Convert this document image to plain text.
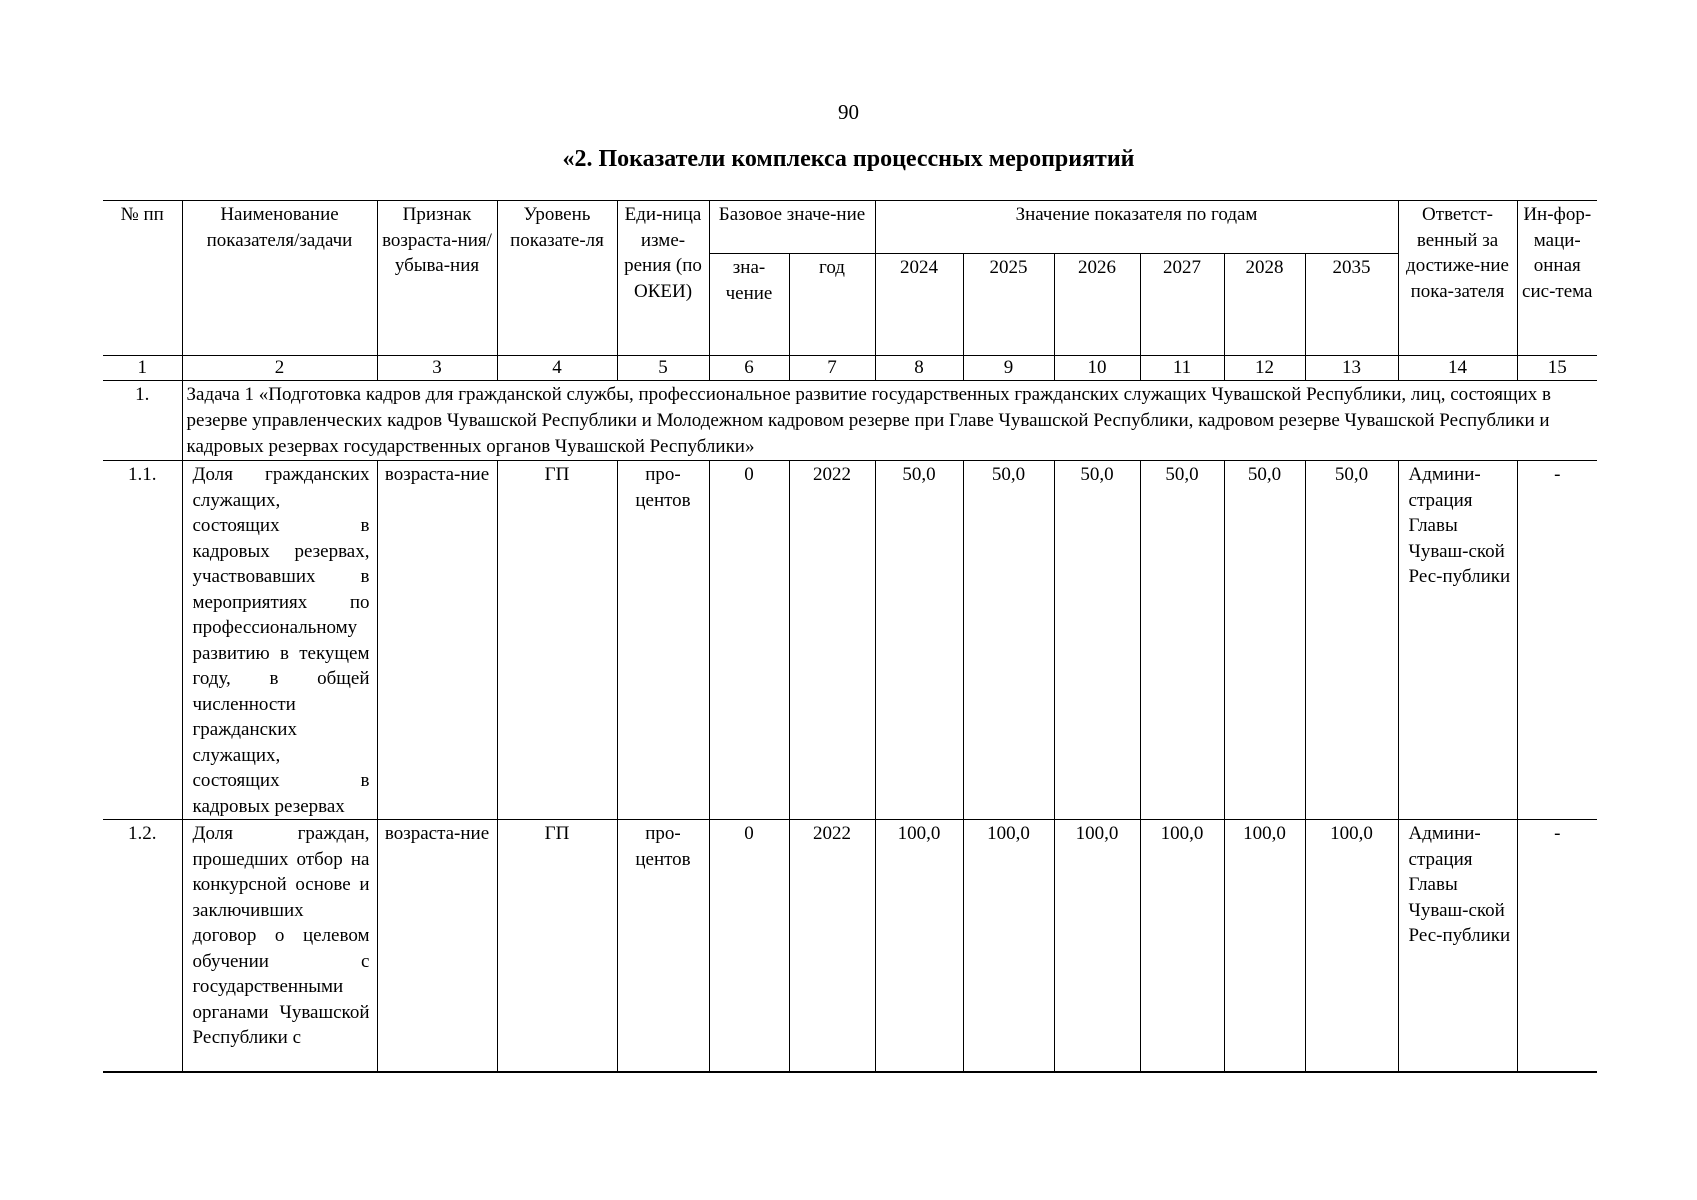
90
«2. Показатели комплекса процессных мероприятий
№ пп	Наименование показателя/задачи	Признак возраста-ния/убыва-ния	Уровень показате-ля	Еди-ница изме-рения (по ОКЕИ)	Базовое значе-ние		Значение показателя по годам						Ответст-венный за достиже-ние пока-зателя	Ин-фор-маци-онная сис-тема
					зна-чение	год	2024	2025	2026	2027	2028	2035		
1	2	3	4	5	6	7	8	9	10	11	12	13	14	15
1.	Задача 1 «Подготовка кадров для гражданской службы, профессиональное развитие государственных гражданских служащих Чувашской Республики, лиц, состоящих в резерве управленческих кадров Чувашской Республики и Молодежном кадровом резерве при Главе Чувашской Республики, кадровом резерве Чувашской Республики и кадровых резервах государственных органов Чувашской Республики»													
1.1.	Доля гражданских служащих, состоящих в кадровых резервах, участвовавших в мероприятиях по профессиональному развитию в текущем году, в общей численности гражданских служащих, состоящих в кадровых резервах	возраста-ние	ГП	про-центов	0	2022	50,0	50,0	50,0	50,0	50,0	50,0	Админи-страция Главы Чуваш-ской Рес-публики	-
1.2.	Доля граждан, прошедших отбор на конкурсной основе и заключивших договор о целевом обучении с государственными органами Чувашской Республики с	возраста-ние	ГП	про-центов	0	2022	100,0	100,0	100,0	100,0	100,0	100,0	Админи-страция Главы Чуваш-ской Рес-публики	-
